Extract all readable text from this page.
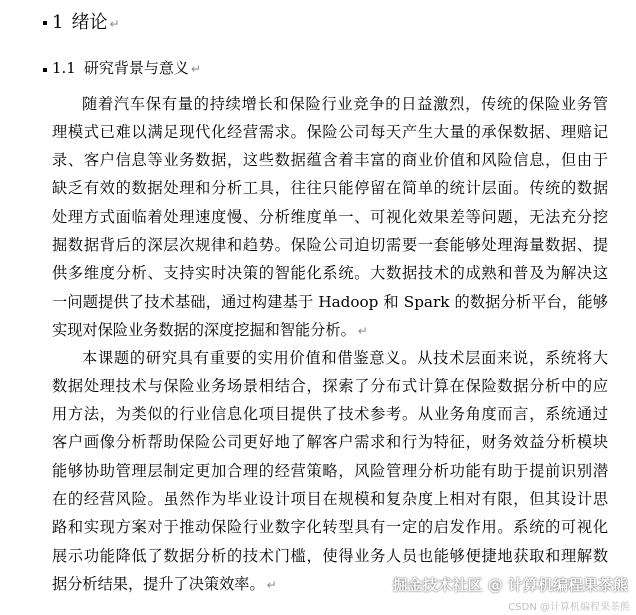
1 绪论 ↵
1.1 研究背景与意义 ↵
随着汽车保有量的持续增长和保险行业竞争的日益激烈，传统的保险业务管
理模式已难以满足现代化经营需求。保险公司每天产生大量的承保数据、理赔记
录、客户信息等业务数据，这些数据蕴含着丰富的商业价值和风险信息，但由于
缺乏有效的数据处理和分析工具，往往只能停留在简单的统计层面。传统的数据
处理方式面临着处理速度慢、分析维度单一、可视化效果差等问题，无法充分挖
掘数据背后的深层次规律和趋势。保险公司迫切需要一套能够处理海量数据、提
供多维度分析、支持实时决策的智能化系统。大数据技术的成熟和普及为解决这
一问题提供了技术基础，通过构建基于 Hadoop 和 Spark 的数据分析平台，能够
实现对保险业务数据的深度挖掘和智能分析。 ↵
本课题的研究具有重要的实用价值和借鉴意义。从技术层面来说，系统将大
数据处理技术与保险业务场景相结合，探索了分布式计算在保险数据分析中的应
用方法，为类似的行业信息化项目提供了技术参考。从业务角度而言，系统通过
客户画像分析帮助保险公司更好地了解客户需求和行为特征，财务效益分析模块
能够协助管理层制定更加合理的经营策略，风险管理分析功能有助于提前识别潜
在的经营风险。虽然作为毕业设计项目在规模和复杂度上相对有限，但其设计思
路和实现方案对于推动保险行业数字化转型具有一定的启发作用。系统的可视化
展示功能降低了数据分析的技术门槛，使得业务人员也能够便捷地获取和理解数
据分析结果，提升了决策效率。 ↵	掘金技术社区 @ 计算机编程果茶熊
CSDN @计算机编程果茶熊
